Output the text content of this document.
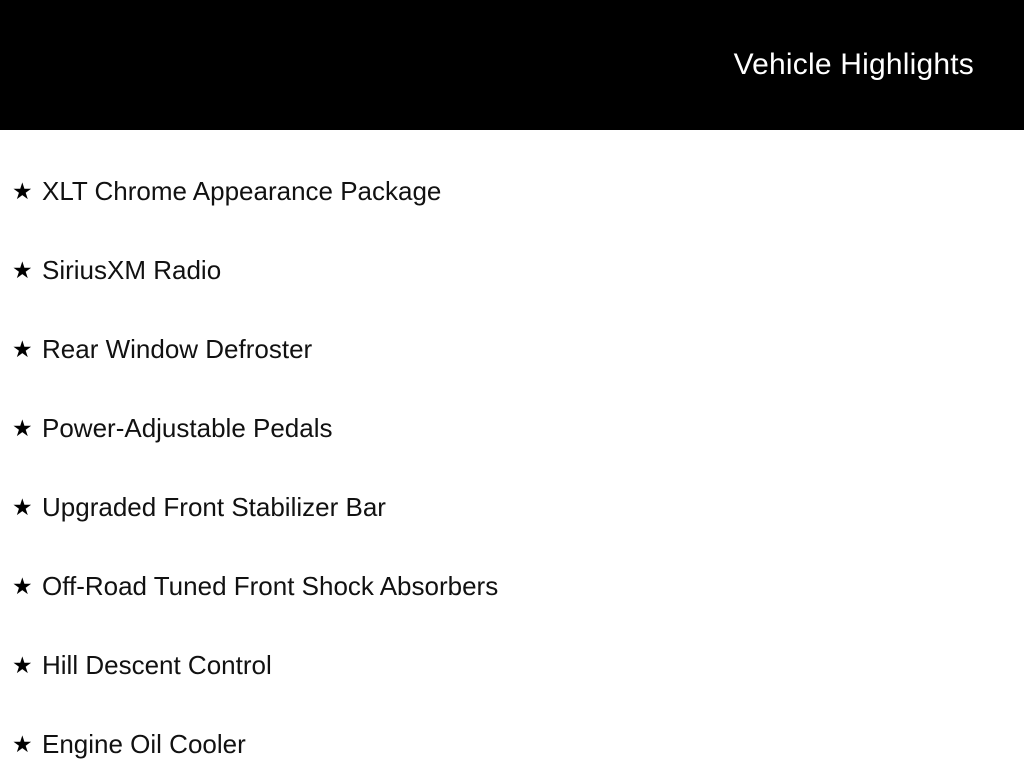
Vehicle Highlights
★ XLT Chrome Appearance Package
★ SiriusXM Radio
★ Rear Window Defroster
★ Power-Adjustable Pedals
★ Upgraded Front Stabilizer Bar
★ Off-Road Tuned Front Shock Absorbers
★ Hill Descent Control
★ Engine Oil Cooler
